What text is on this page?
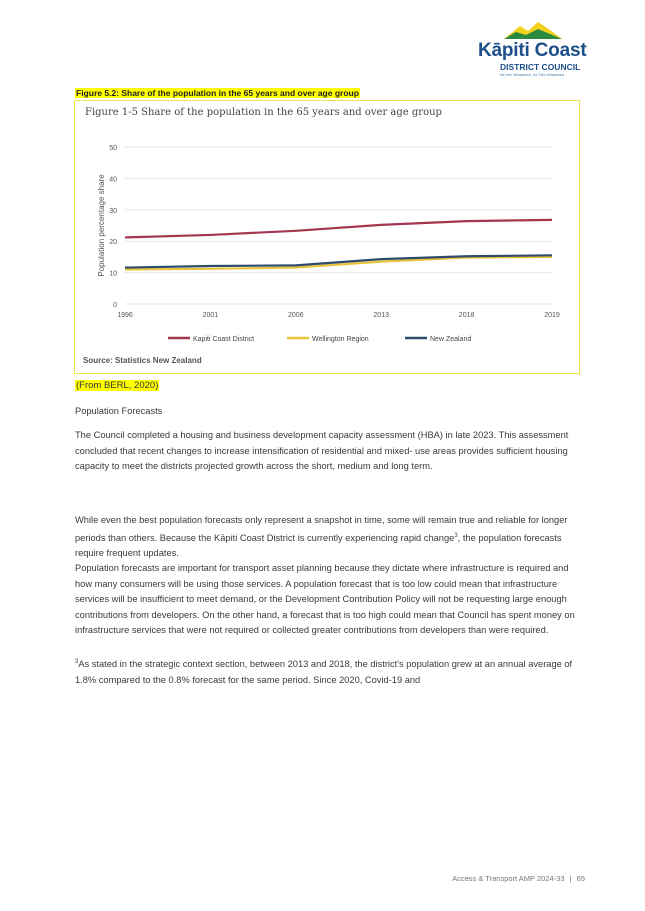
Kāpiti Coast
DISTRICT COUNCIL
Me Huri Whakamuri, Ka Titiro Whakamua
Figure 5.2: Share of the population in the 65 years and over age group
Figure 1-5 Share of the population in the 65 years and over age group
0
10
20
30
40
50
1996	2001	2006	2013	2018	2019
Population percentage share
Kapiti Coast District	Wellington Region	New Zealand
Source: Statistics New Zealand
(From BERL, 2020)

Population Forecasts

The Council completed a housing and business development capacity assessment (HBA) in late 2023. This assessment concluded that recent changes to increase intensification of residential and mixed- use areas provides sufficient housing capacity to meet the districts projected growth across the short, medium and long term.

While even the best population forecasts only represent a snapshot in time, some will remain true and reliable for longer periods than others. Because the Kāpiti Coast District is currently experiencing rapid change$^3$, the population forecasts require frequent updates.

Population forecasts are important for transport asset planning because they dictate where infrastructure is required and how many consumers will be using those services. A population forecast that is too low could mean that infrastructure services will be insufficient to meet demand, or the Development Contribution Policy will not be requesting large enough contributions from developers. On the other hand, a forecast that is too high could mean that Council has spent money on infrastructure services that were not required or collected greater contributions from developers than were required.

$^3$As stated in the strategic context section, between 2013 and 2018, the district's population grew at an annual average of 1.8% compared to the 0.8% forecast for the same period. Since 2020, Covid-19 and

Access & Transport AMP 2024-33 | 65
